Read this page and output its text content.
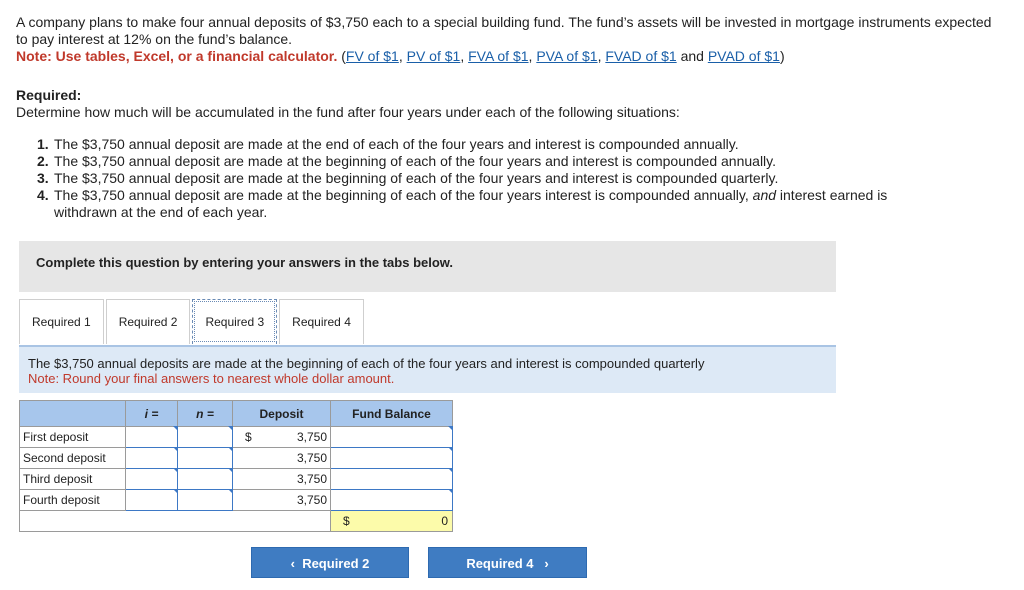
A company plans to make four annual deposits of $3,750 each to a special building fund. The fund’s assets will be invested in mortgage instruments expected to pay interest at 12% on the fund’s balance.
Note: Use tables, Excel, or a financial calculator. (FV of $1, PV of $1, FVA of $1, PVA of $1, FVAD of $1 and PVAD of $1)
Required:
Determine how much will be accumulated in the fund after four years under each of the following situations:
1. The $3,750 annual deposit are made at the end of each of the four years and interest is compounded annually.
2. The $3,750 annual deposit are made at the beginning of each of the four years and interest is compounded annually.
3. The $3,750 annual deposit are made at the beginning of each of the four years and interest is compounded quarterly.
4. The $3,750 annual deposit are made at the beginning of each of the four years interest is compounded annually, and interest earned is withdrawn at the end of each year.
Complete this question by entering your answers in the tabs below.
Required 1	Required 2	Required 3	Required 4
The $3,750 annual deposits are made at the beginning of each of the four years and interest is compounded quarterly
Note: Round your final answers to nearest whole dollar amount.
	i =	n =	Deposit	Fund Balance
First deposit			$ 3,750	
Second deposit			3,750	
Third deposit			3,750	
Fourth deposit			3,750	

				$ 0
‹ Required 2	Required 4 ›
